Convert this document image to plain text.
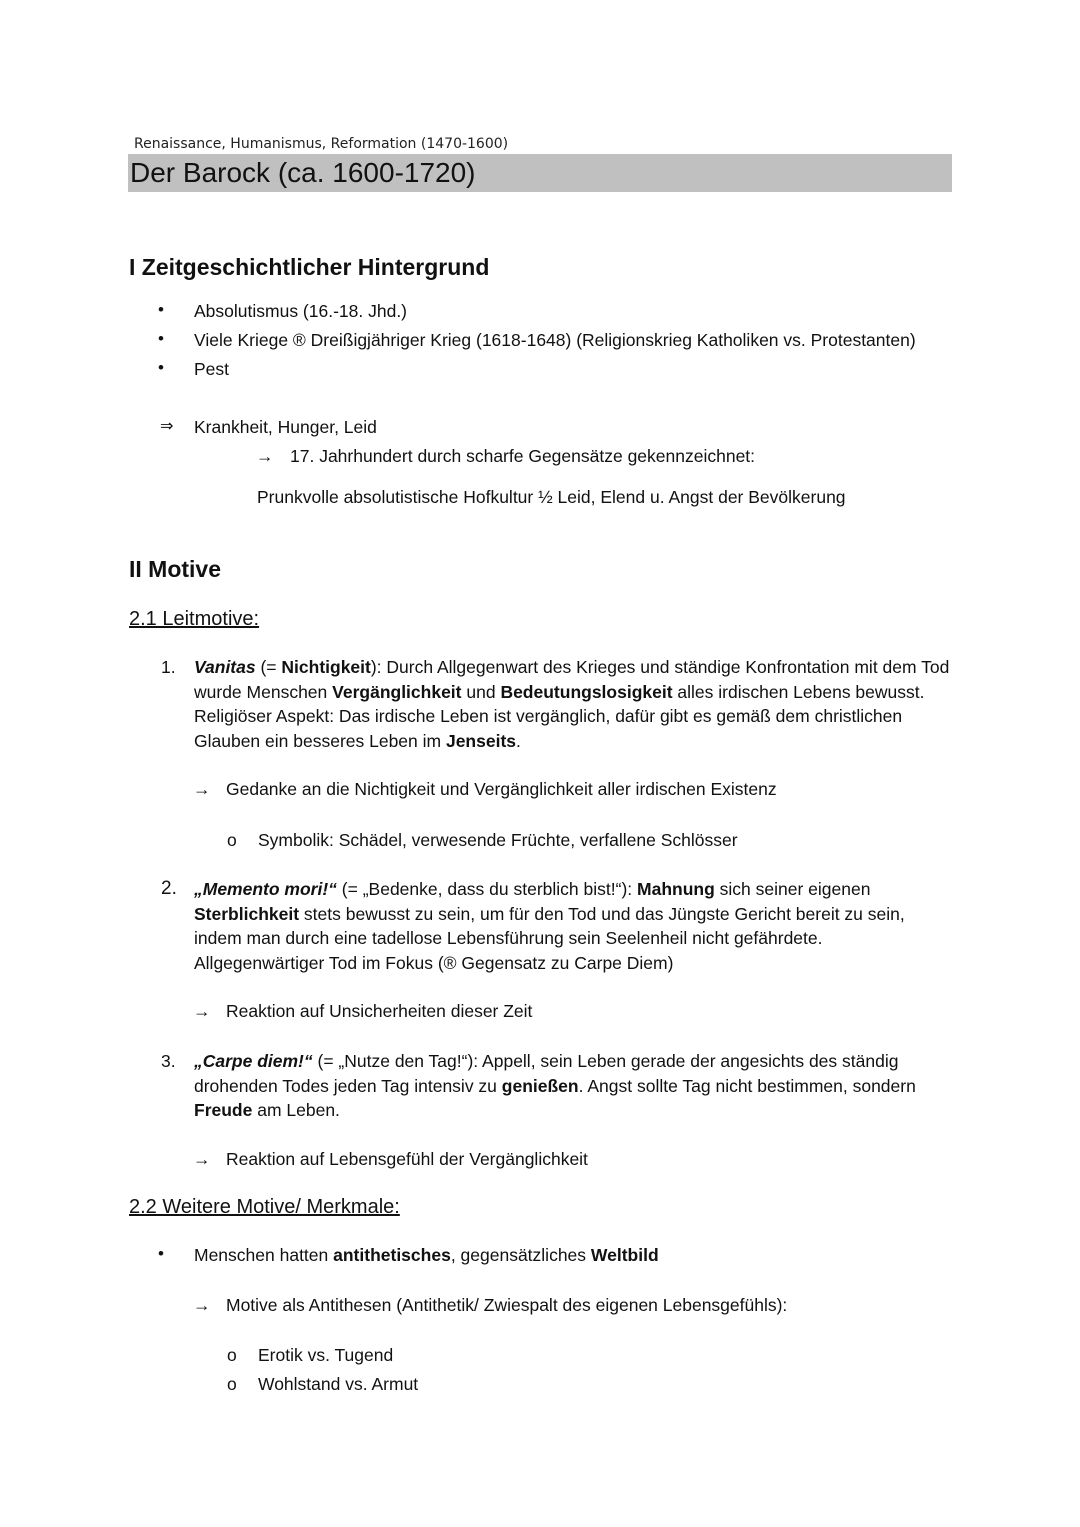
Renaissance, Humanismus, Reformation (1470-1600)
Der Barock (ca. 1600-1720)
I Zeitgeschichtlicher Hintergrund
• Absolutismus (16.-18. Jhd.)
• Viele Kriege ® Dreißigjähriger Krieg (1618-1648) (Religionskrieg Katholiken vs. Protestanten)
• Pest
⇒ Krankheit, Hunger, Leid
→ 17. Jahrhundert durch scharfe Gegensätze gekennzeichnet:
Prunkvolle absolutistische Hofkultur ½ Leid, Elend u. Angst der Bevölkerung
II Motive
2.1 Leitmotive:
1. Vanitas (= Nichtigkeit): Durch Allgegenwart des Krieges und ständige Konfrontation mit dem Tod wurde Menschen Vergänglichkeit und Bedeutungslosigkeit alles irdischen Lebens bewusst. Religiöser Aspekt: Das irdische Leben ist vergänglich, dafür gibt es gemäß dem christlichen Glauben ein besseres Leben im Jenseits.
→ Gedanke an die Nichtigkeit und Vergänglichkeit aller irdischen Existenz
o Symbolik: Schädel, verwesende Früchte, verfallene Schlösser
2. „Memento mori!“ (= „Bedenke, dass du sterblich bist!“): Mahnung sich seiner eigenen Sterblichkeit stets bewusst zu sein, um für den Tod und das Jüngste Gericht bereit zu sein, indem man durch eine tadellose Lebensführung sein Seelenheil nicht gefährdete. Allgegenwärtiger Tod im Fokus (® Gegensatz zu Carpe Diem)
→ Reaktion auf Unsicherheiten dieser Zeit
3. „Carpe diem!“ (= „Nutze den Tag!“): Appell, sein Leben gerade der angesichts des ständig drohenden Todes jeden Tag intensiv zu genießen. Angst sollte Tag nicht bestimmen, sondern Freude am Leben.
→ Reaktion auf Lebensgefühl der Vergänglichkeit
2.2 Weitere Motive/ Merkmale:
• Menschen hatten antithetisches, gegensätzliches Weltbild
→ Motive als Antithesen (Antithetik/ Zwiespalt des eigenen Lebensgefühls):
o Erotik vs. Tugend
o Wohlstand vs. Armut
